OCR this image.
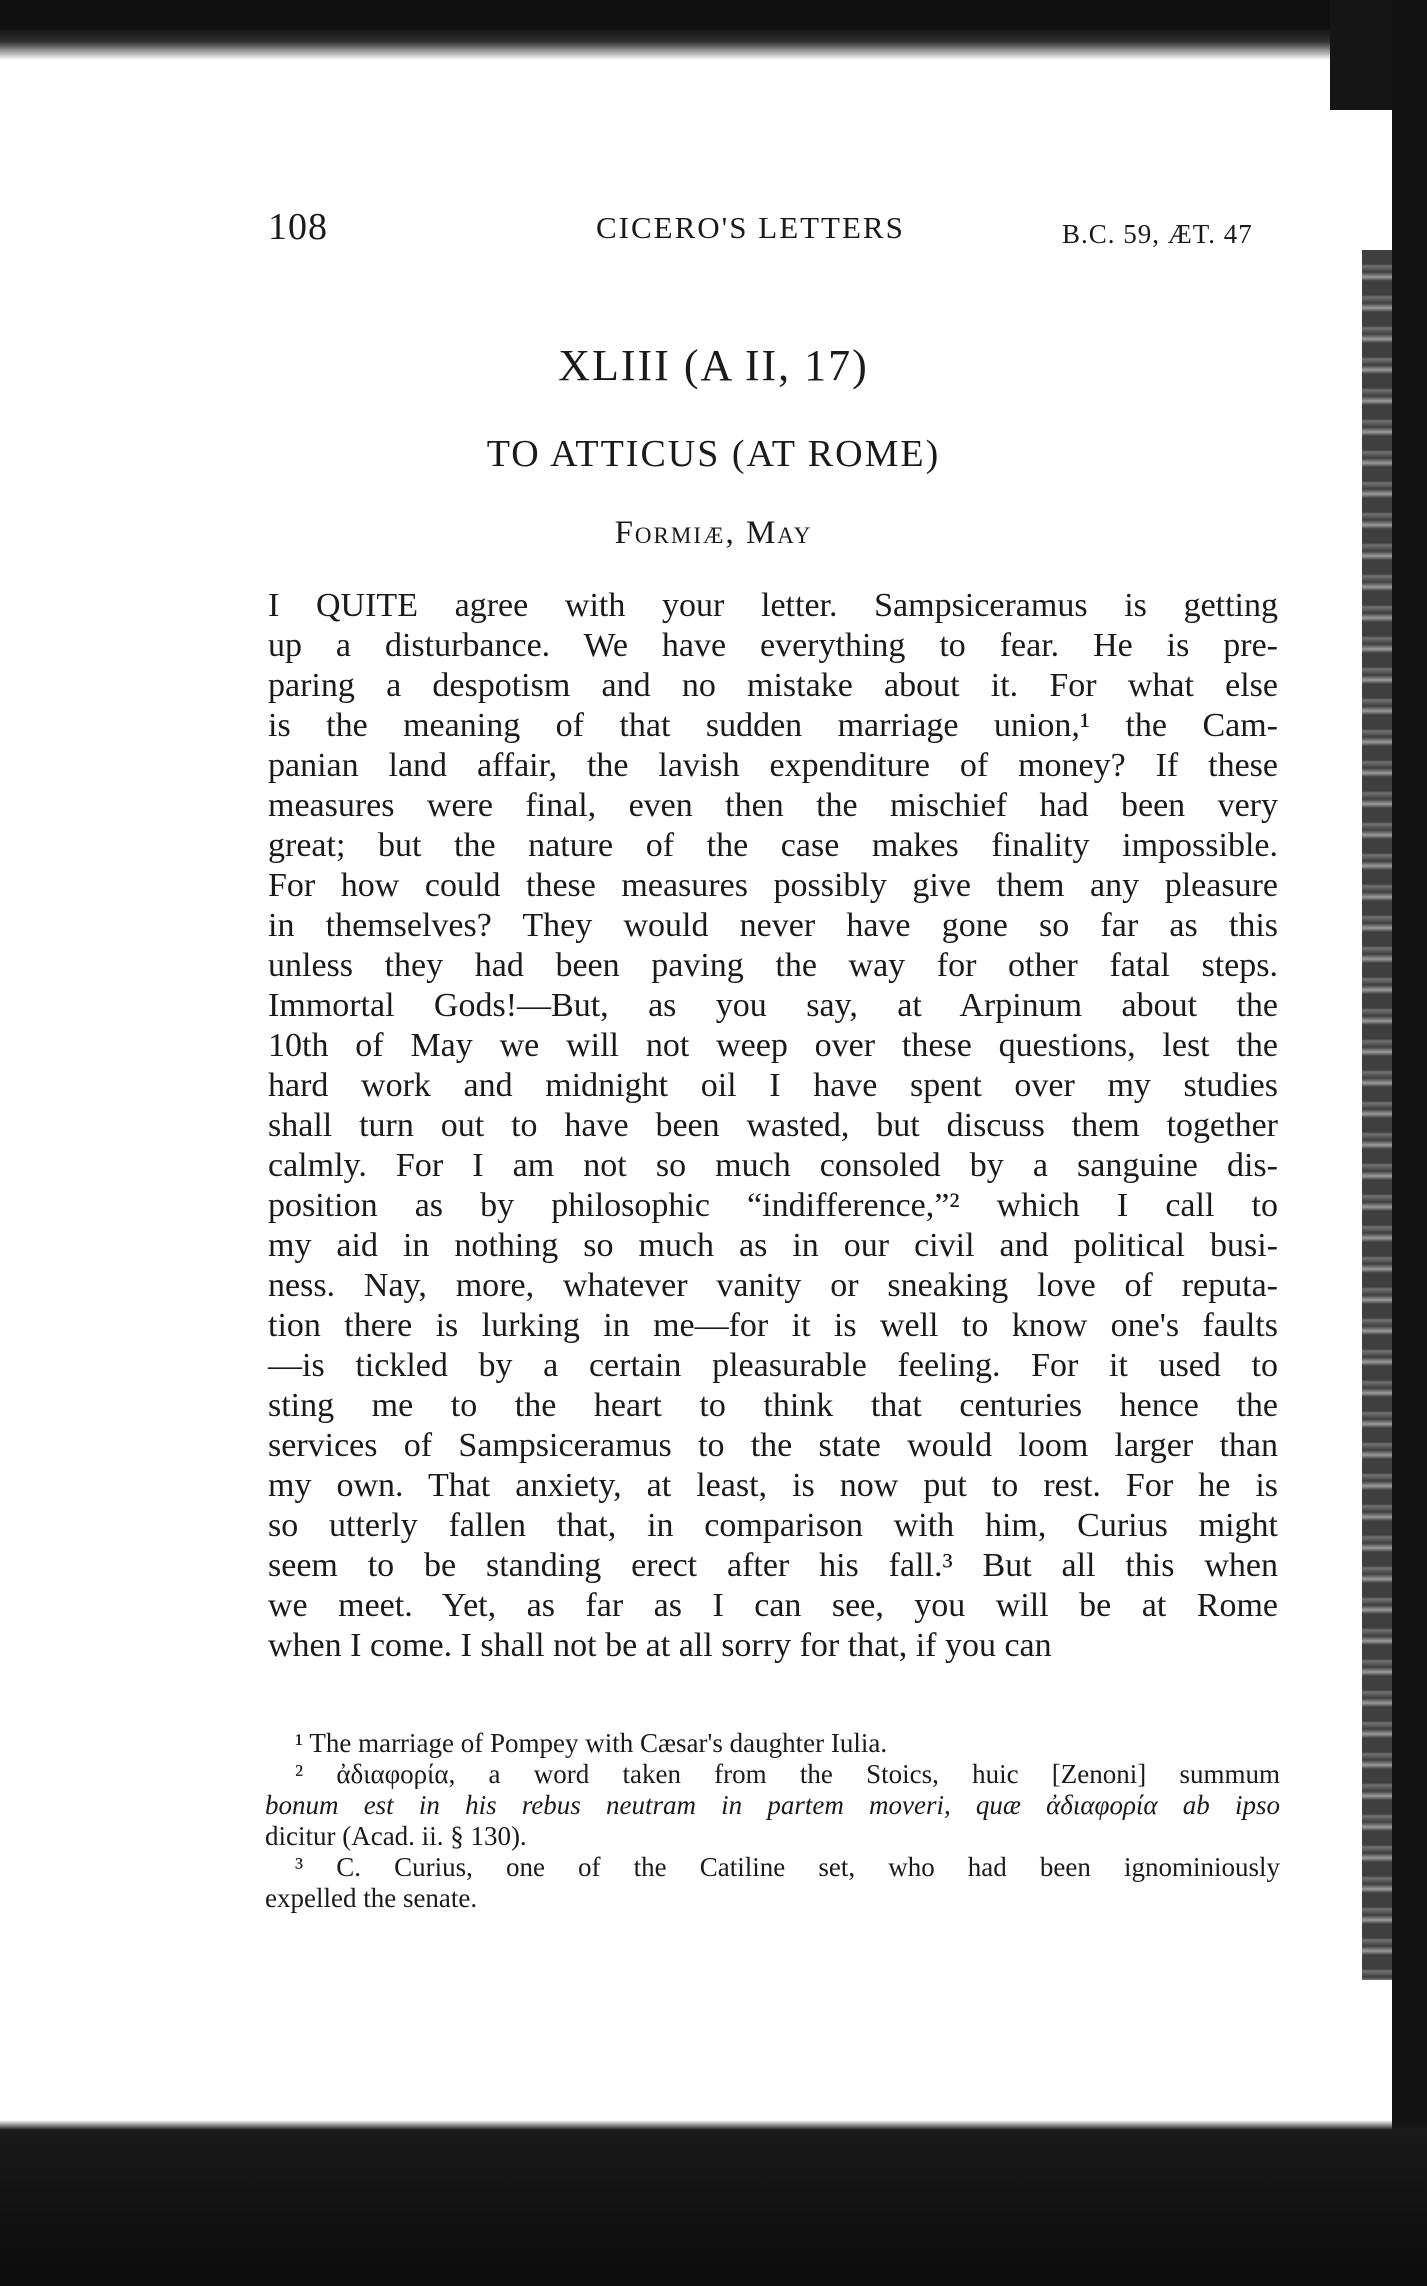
108	CICERO'S LETTERS	B.C. 59, ÆT. 47
XLIII (A II, 17)
TO ATTICUS (AT ROME)
Formiæ, May
I QUITE agree with your letter. Sampsiceramus is getting
up a disturbance. We have everything to fear. He is pre-
paring a despotism and no mistake about it. For what else
is the meaning of that sudden marriage union,¹ the Cam-
panian land affair, the lavish expenditure of money? If these
measures were final, even then the mischief had been very
great; but the nature of the case makes finality impossible.
For how could these measures possibly give them any pleasure
in themselves? They would never have gone so far as this
unless they had been paving the way for other fatal steps.
Immortal Gods!—But, as you say, at Arpinum about the
10th of May we will not weep over these questions, lest the
hard work and midnight oil I have spent over my studies
shall turn out to have been wasted, but discuss them together
calmly. For I am not so much consoled by a sanguine dis-
position as by philosophic “indifference,”² which I call to
my aid in nothing so much as in our civil and political busi-
ness. Nay, more, whatever vanity or sneaking love of reputa-
tion there is lurking in me—for it is well to know one's faults
—is tickled by a certain pleasurable feeling. For it used to
sting me to the heart to think that centuries hence the
services of Sampsiceramus to the state would loom larger than
my own. That anxiety, at least, is now put to rest. For he is
so utterly fallen that, in comparison with him, Curius might
seem to be standing erect after his fall.³ But all this when
we meet. Yet, as far as I can see, you will be at Rome
when I come. I shall not be at all sorry for that, if you can
¹ The marriage of Pompey with Cæsar's daughter Iulia.
² ἀδιαφορία, a word taken from the Stoics, huic [Zenoni] summum
bonum est in his rebus neutram in partem moveri, quæ ἀδιαφορία ab ipso
dicitur (Acad. ii. § 130).
³ C. Curius, one of the Catiline set, who had been ignominiously
expelled the senate.
